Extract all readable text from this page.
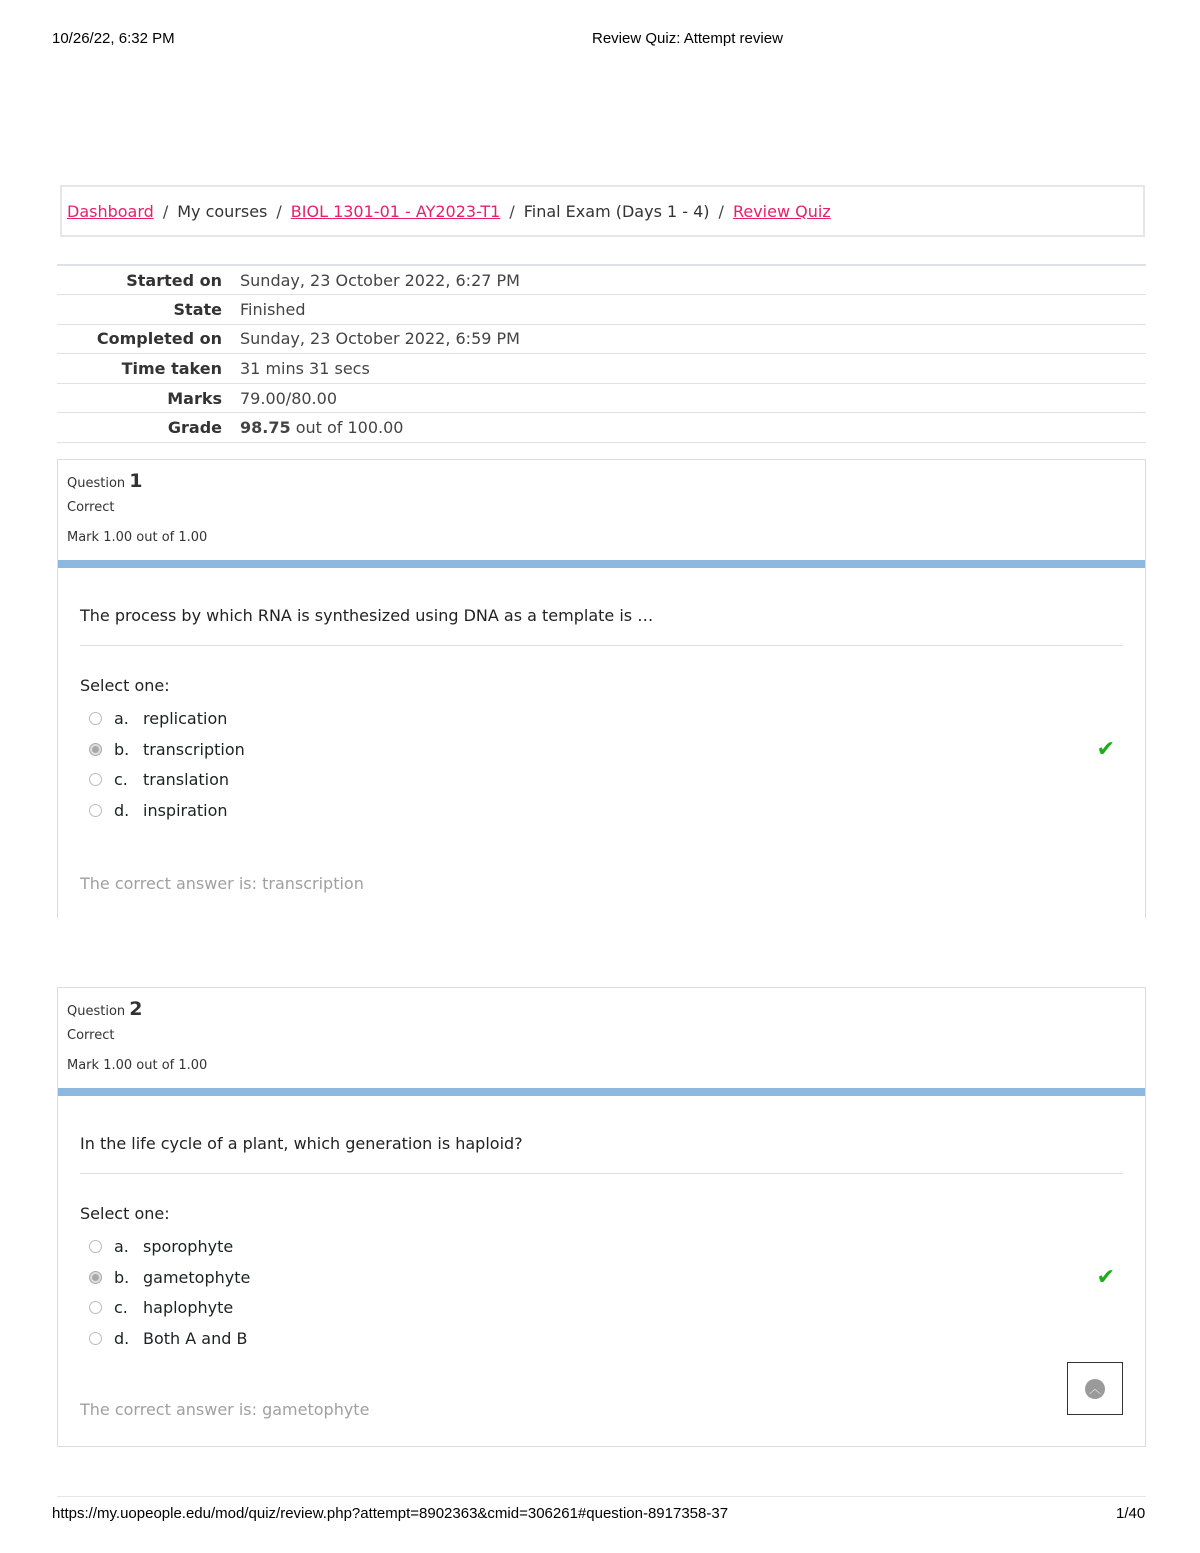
10/26/22, 6:32 PM	Review Quiz: Attempt review
Dashboard / My courses / BIOL 1301-01 - AY2023-T1 / Final Exam (Days 1 - 4) / Review Quiz
Started on	Sunday, 23 October 2022, 6:27 PM
State	Finished
Completed on	Sunday, 23 October 2022, 6:59 PM
Time taken	31 mins 31 secs
Marks	79.00/80.00
Grade	98.75 out of 100.00
Question 1
Correct
Mark 1.00 out of 1.00
The process by which RNA is synthesized using DNA as a template is …
Select one:
a. replication
b. transcription	✔
c. translation
d. inspiration
The correct answer is: transcription
Question 2
Correct
Mark 1.00 out of 1.00
In the life cycle of a plant, which generation is haploid?
Select one:
a. sporophyte
b. gametophyte	✔
c. haplophyte
d. Both A and B
The correct answer is: gametophyte
︿
https://my.uopeople.edu/mod/quiz/review.php?attempt=8902363&cmid=306261#question-8917358-37	1/40
